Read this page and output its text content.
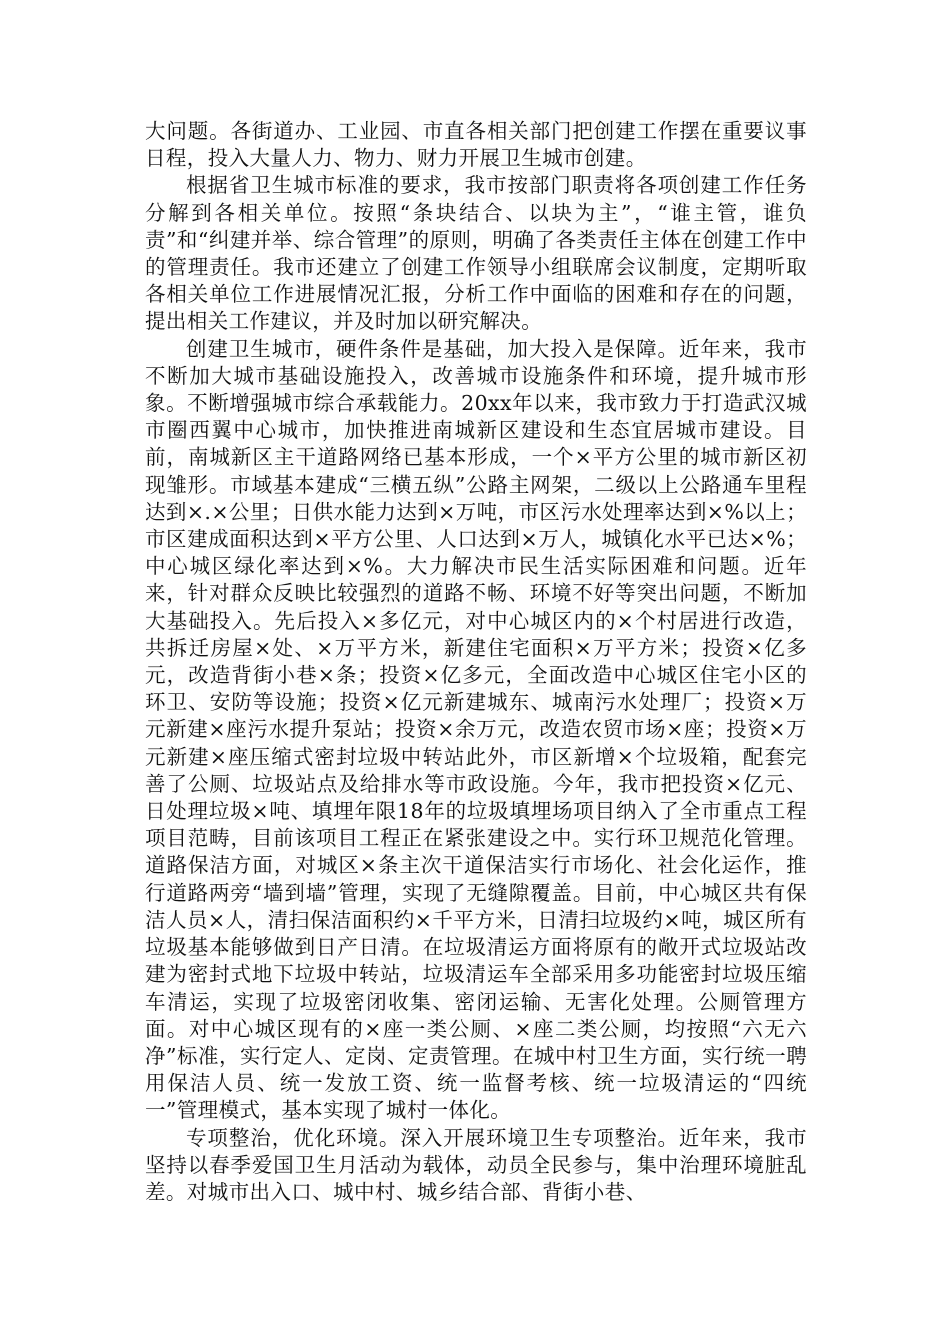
大问题。各街道办、工业园、市直各相关部门把创建工作摆在重要议事日程，投入大量人力、物力、财力开展卫生城市创建。

根据省卫生城市标准的要求，我市按部门职责将各项创建工作任务分解到各相关单位。按照“条块结合、以块为主”，“谁主管，谁负责”和“纠建并举、综合管理”的原则，明确了各类责任主体在创建工作中的管理责任。我市还建立了创建工作领导小组联席会议制度，定期听取各相关单位工作进展情况汇报，分析工作中面临的困难和存在的问题，提出相关工作建议，并及时加以研究解决。

创建卫生城市，硬件条件是基础，加大投入是保障。近年来，我市不断加大城市基础设施投入，改善城市设施条件和环境，提升城市形象。不断增强城市综合承载能力。20xx年以来，我市致力于打造武汉城市圈西翼中心城市，加快推进南城新区建设和生态宜居城市建设。目前，南城新区主干道路网络已基本形成，一个×平方公里的城市新区初现雏形。市域基本建成“三横五纵”公路主网架，二级以上公路通车里程达到×.×公里；日供水能力达到×万吨，市区污水处理率达到×%以上；市区建成面积达到×平方公里、人口达到×万人，城镇化水平已达×%；中心城区绿化率达到×%。大力解决市民生活实际困难和问题。近年来，针对群众反映比较强烈的道路不畅、环境不好等突出问题，不断加大基础投入。先后投入×多亿元，对中心城区内的×个村居进行改造，共拆迁房屋×处、×万平方米，新建住宅面积×万平方米；投资×亿多元，改造背街小巷×条；投资×亿多元，全面改造中心城区住宅小区的环卫、安防等设施；投资×亿元新建城东、城南污水处理厂；投资×万元新建×座污水提升泵站；投资×余万元，改造农贸市场×座；投资×万元新建×座压缩式密封垃圾中转站此外，市区新增×个垃圾箱，配套完善了公厕、垃圾站点及给排水等市政设施。今年，我市把投资×亿元、日处理垃圾×吨、填埋年限18年的垃圾填埋场项目纳入了全市重点工程项目范畴，目前该项目工程正在紧张建设之中。实行环卫规范化管理。道路保洁方面，对城区×条主次干道保洁实行市场化、社会化运作，推行道路两旁“墙到墙”管理，实现了无缝隙覆盖。目前，中心城区共有保洁人员×人，清扫保洁面积约×千平方米，日清扫垃圾约×吨，城区所有垃圾基本能够做到日产日清。在垃圾清运方面将原有的敞开式垃圾站改建为密封式地下垃圾中转站，垃圾清运车全部采用多功能密封垃圾压缩车清运，实现了垃圾密闭收集、密闭运输、无害化处理。公厕管理方面。对中心城区现有的×座一类公厕、×座二类公厕，均按照“六无六净”标准，实行定人、定岗、定责管理。在城中村卫生方面，实行统一聘用保洁人员、统一发放工资、统一监督考核、统一垃圾清运的“四统一”管理模式，基本实现了城村一体化。

专项整治，优化环境。深入开展环境卫生专项整治。近年来，我市坚持以春季爱国卫生月活动为载体，动员全民参与，集中治理环境脏乱差。对城市出入口、城中村、城乡结合部、背街小巷、
